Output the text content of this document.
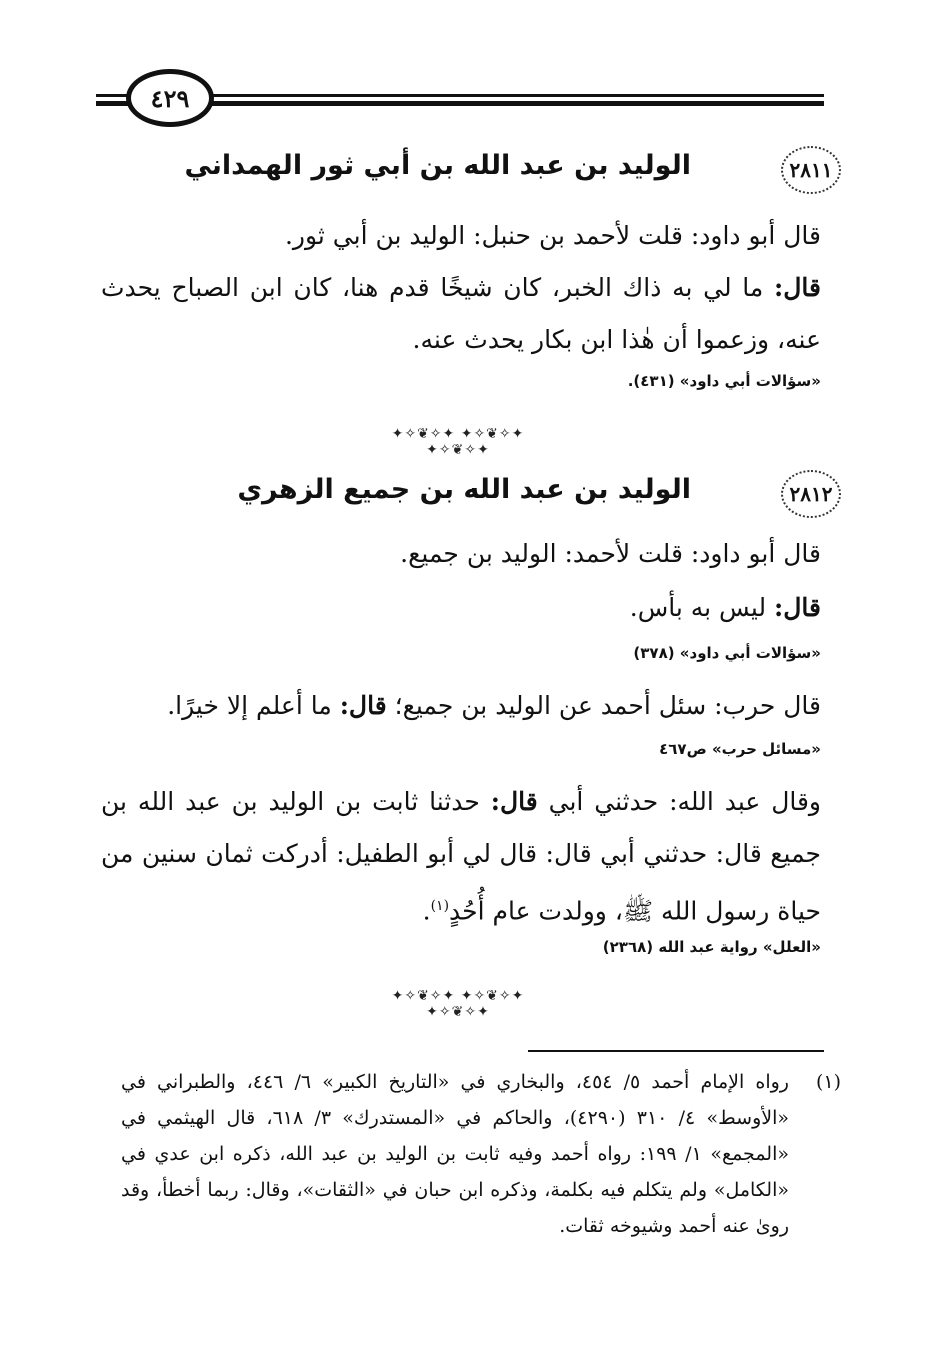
٤٢٩
٢٨١١
الوليد بن عبد الله بن أبي ثور الهمداني

قال أبو داود: قلت لأحمد بن حنبل: الوليد بن أبي ثور.

قال: ما لي به ذاك الخبر، كان شيخًا قدم هنا، كان ابن الصباح يحدث عنه، وزعموا أن هٰذا ابن بكار يحدث عنه.

«سؤالات أبي داود» (٤٣١).
✦✧❦✧✦ ✦✧❦✧✦ ✦✧❦✧✦
٢٨١٢
الوليد بن عبد الله بن جميع الزهري

قال أبو داود: قلت لأحمد: الوليد بن جميع.

قال: ليس به بأس.

«سؤالات أبي داود» (٣٧٨)

قال حرب: سئل أحمد عن الوليد بن جميع؛ قال: ما أعلم إلا خيرًا.

«مسائل حرب» ص٤٦٧

وقال عبد الله: حدثني أبي قال: حدثنا ثابت بن الوليد بن عبد الله بن جميع قال: حدثني أبي قال: قال لي أبو الطفيل: أدركت ثمان سنين من حياة رسول الله ﷺ، وولدت عام أُحُدٍ$^{(١)}$.

«العلل» رواية عبد الله (٢٣٦٨)
✦✧❦✧✦ ✦✧❦✧✦ ✦✧❦✧✦
(١)
رواه الإمام أحمد ٥/ ٤٥٤، والبخاري في «التاريخ الكبير» ٦/ ٤٤٦، والطبراني في «الأوسط» ٤/ ٣١٠ (٤٢٩٠)، والحاكم في «المستدرك» ٣/ ٦١٨، قال الهيثمي في «المجمع» ١/ ١٩٩: رواه أحمد وفيه ثابت بن الوليد بن عبد الله، ذكره ابن عدي في «الكامل» ولم يتكلم فيه بكلمة، وذكره ابن حبان في «الثقات»، وقال: ربما أخطأ، وقد رویٰ عنه أحمد وشيوخه ثقات.
